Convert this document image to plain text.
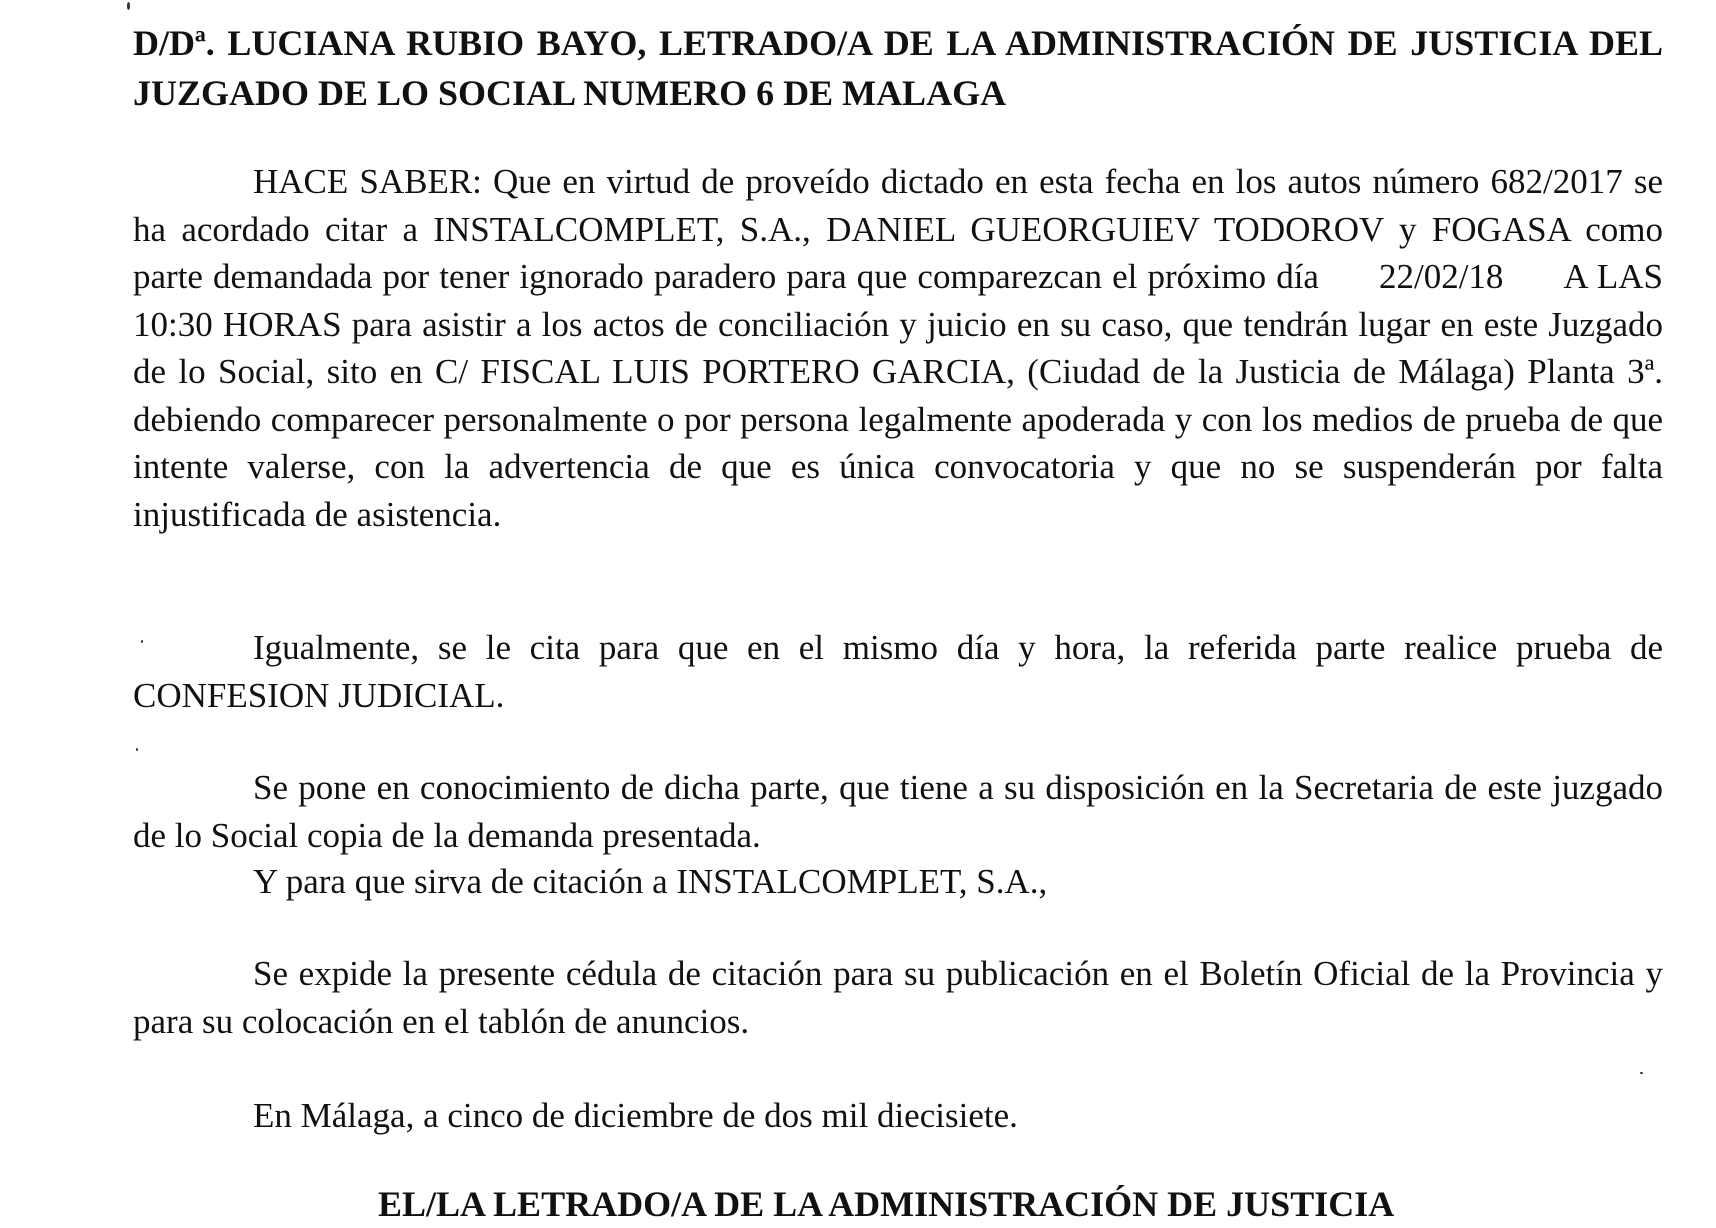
D/Dª. LUCIANA RUBIO BAYO, LETRADO/A DE LA ADMINISTRACIÓN DE JUSTICIA DEL JUZGADO DE LO SOCIAL NUMERO 6 DE MALAGA

HACE SABER: Que en virtud de proveído dictado en esta fecha en los autos número 682/2017 se ha acordado citar a INSTALCOMPLET, S.A., DANIEL GUEORGUIEV TODOROV y FOGASA como parte demandada por tener ignorado paradero para que comparezcan el próximo día 22/02/18 A LAS 10:30 HORAS para asistir a los actos de conciliación y juicio en su caso, que tendrán lugar en este Juzgado de lo Social, sito en C/ FISCAL LUIS PORTERO GARCIA, (Ciudad de la Justicia de Málaga) Planta 3ª. debiendo comparecer personalmente o por persona legalmente apoderada y con los medios de prueba de que intente valerse, con la advertencia de que es única convocatoria y que no se suspenderán por falta injustificada de asistencia.

Igualmente, se le cita para que en el mismo día y hora, la referida parte realice prueba de CONFESION JUDICIAL.

Se pone en conocimiento de dicha parte, que tiene a su disposición en la Secretaria de este juzgado de lo Social copia de la demanda presentada.

Y para que sirva de citación a INSTALCOMPLET, S.A.,

Se expide la presente cédula de citación para su publicación en el Boletín Oficial de la Provincia y para su colocación en el tablón de anuncios.

En Málaga, a cinco de diciembre de dos mil diecisiete.

EL/LA LETRADO/A DE LA ADMINISTRACIÓN DE JUSTICIA
